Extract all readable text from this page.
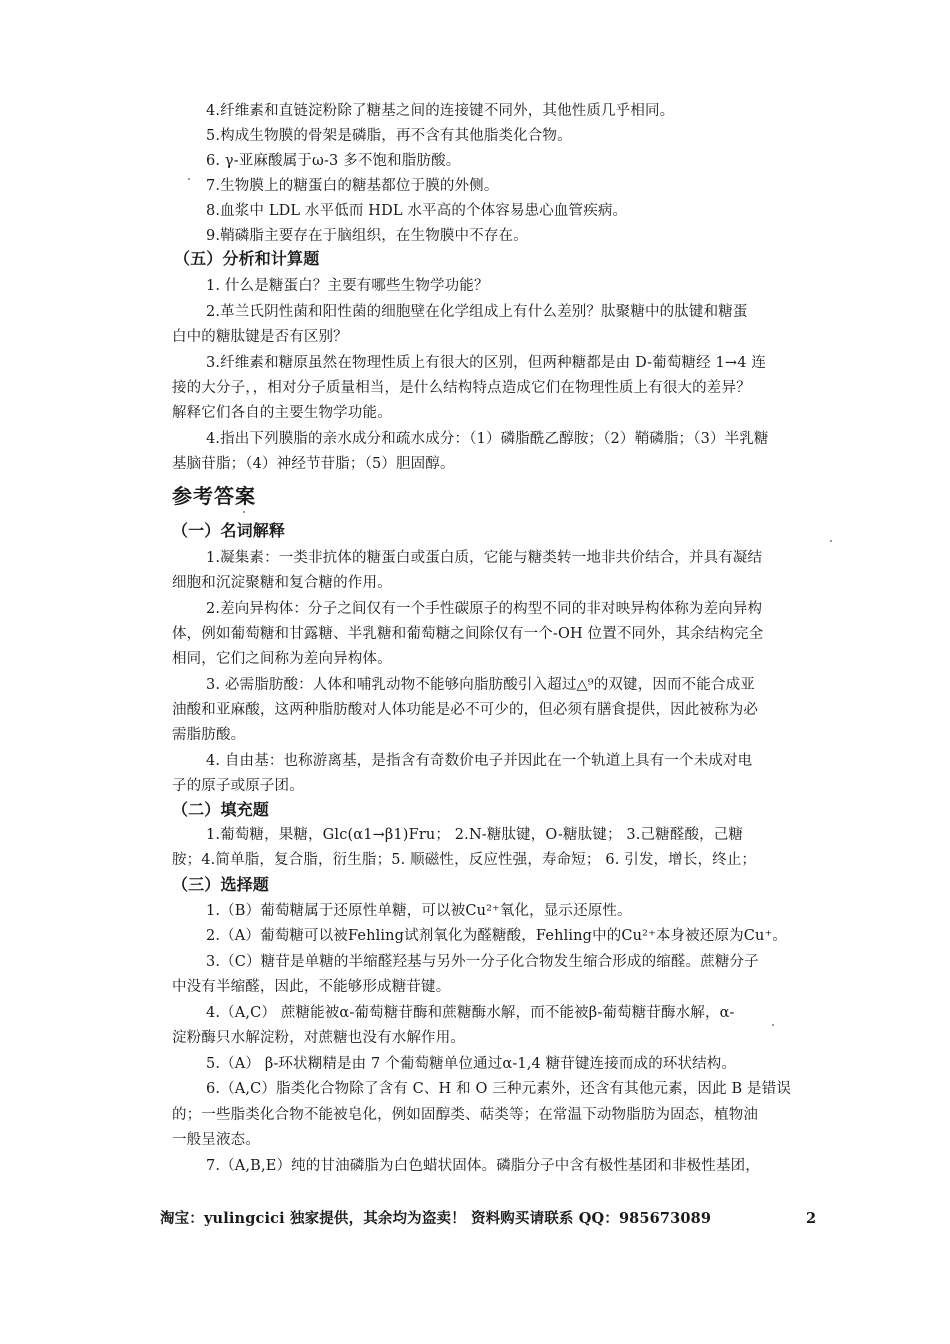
4.纤维素和直链淀粉除了糖基之间的连接键不同外，其他性质几乎相同。

5.构成生物膜的骨架是磷脂，再不含有其他脂类化合物。

6. γ-亚麻酸属于ω-3 多不饱和脂肪酸。

7.生物膜上的糖蛋白的糖基都位于膜的外侧。

8.血浆中 LDL 水平低而 HDL 水平高的个体容易患心血管疾病。

9.鞘磷脂主要存在于脑组织，在生物膜中不存在。

（五）分析和计算题

1. 什么是糖蛋白？主要有哪些生物学功能？

2.革兰氏阴性菌和阳性菌的细胞壁在化学组成上有什么差别？肽聚糖中的肽键和糖蛋

白中的糖肽键是否有区别？

3.纤维素和糖原虽然在物理性质上有很大的区别，但两种糖都是由 D-葡萄糖经 1→4 连

接的大分子，，相对分子质量相当，是什么结构特点造成它们在物理性质上有很大的差异？

解释它们各自的主要生物学功能。

4.指出下列膜脂的亲水成分和疏水成分：（1）磷脂酰乙醇胺；（2）鞘磷脂；（3）半乳糖

基脑苷脂；（4）神经节苷脂；（5）胆固醇。

参考答案

（一）名词解释

1.凝集素：一类非抗体的糖蛋白或蛋白质，它能与糖类转一地非共价结合，并具有凝结

细胞和沉淀聚糖和复合糖的作用。

2.差向异构体：分子之间仅有一个手性碳原子的构型不同的非对映异构体称为差向异构

体，例如葡萄糖和甘露糖、半乳糖和葡萄糖之间除仅有一个-OH 位置不同外，其余结构完全

相同，它们之间称为差向异构体。

3. 必需脂肪酸：人体和哺乳动物不能够向脂肪酸引入超过△⁹的双键，因而不能合成亚

油酸和亚麻酸，这两种脂肪酸对人体功能是必不可少的，但必须有膳食提供，因此被称为必

需脂肪酸。

4. 自由基：也称游离基，是指含有奇数价电子并因此在一个轨道上具有一个未成对电

子的原子或原子团。

（二）填充题

1.葡萄糖，果糖，Glc(α1→β1)Fru； 2.N-糖肽键，O-糖肽键； 3.己糖醛酸，己糖

胺；4.简单脂，复合脂，衍生脂；5. 顺磁性，反应性强，寿命短； 6. 引发，增长，终止；

（三）选择题

1.（B）葡萄糖属于还原性单糖，可以被Cu²⁺氧化，显示还原性。

2.（A）葡萄糖可以被Fehling试剂氧化为醛糖酸，Fehling中的Cu²⁺本身被还原为Cu⁺。

3.（C）糖苷是单糖的半缩醛羟基与另外一分子化合物发生缩合形成的缩醛。蔗糖分子

中没有半缩醛，因此，不能够形成糖苷键。

4.（A,C） 蔗糖能被α-葡萄糖苷酶和蔗糖酶水解，而不能被β-葡萄糖苷酶水解，α-

淀粉酶只水解淀粉，对蔗糖也没有水解作用。

5.（A） β-环状糊精是由 7 个葡萄糖单位通过α-1,4 糖苷键连接而成的环状结构。

6.（A,C）脂类化合物除了含有 C、H 和 O 三种元素外，还含有其他元素，因此 B 是错误

的；一些脂类化合物不能被皂化，例如固醇类、萜类等；在常温下动物脂肪为固态，植物油

一般呈液态。

7.（A,B,E）纯的甘油磷脂为白色蜡状固体。磷脂分子中含有极性基团和非极性基团，

淘宝：yulingcici 独家提供，其余均为盗卖！ 资料购买请联系 QQ：985673089	2
